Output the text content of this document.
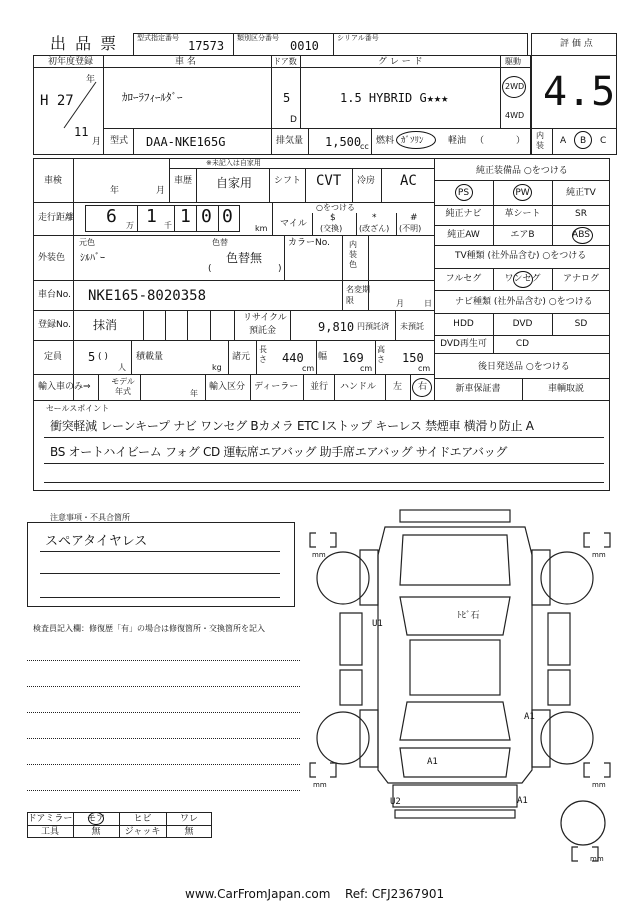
出 品 票	型式指定番号
17573
類別区分番号
0010
シリアル番号
評 価 点
4.5
内装	A B C
初年度登録
年
H 27
11
月
車 名
ｶﾛｰﾗﾌｨｰﾙﾀﾞｰ
ドア数
5
D
グ レ ー ド
1.5 HYBRID G★★★
駆動
2WD
4WD
型式 DAA-NKE165G	排気量 1,500
cc
燃料 ｶﾞｿﾘﾝ	軽油 （	）
車検
年	月
※未記入は自家用
車歴 自家用 シフト CVT 冷房 AC
走行距離 6 万 1 千 1 0 0
km
○をつける
マイル
$
(交換)
*
(改ざん)
#
(不明)
外装色
元色
ｼﾙﾊﾞｰ
色替
色替無
(	)
カラーNo. 内装色
車台No. NKE165-8020358	名変期限	月	日
登録No. 抹消	リサイクル
預託金	9,810 円預託済 未預託
定員 5 ( )
人
積載量
kg
諸元
長さ 440
cm
幅 169
cm
高さ 150
cm
輸入車のみ⇒
モデル年式	年
輸入区分 ディーラー 並行 ハンドル 左 右
純正装備品 ○をつける
PS	PW	純正TV
純正ナビ	革シート	SR
純正AW	エアB	ABS
TV種類 (社外品含む) ○をつける
フルセグ	ワンセグ	アナログ
ナビ種類 (社外品含む) ○をつける
HDD	DVD	SD
DVD再生可	CD
後日発送品 ○をつける
新車保証書	車輌取説
セールスポイント
衝突軽減 レーンキープ ナビ ワンセグ Bカメラ ETC Iストップ キーレス 禁煙車 横滑り防止 A
BS オートハイビーム フォグ CD 運転席エアバッグ 助手席エアバッグ サイドエアバッグ
注意事項・不具合箇所
スペアタイヤレス
検査員記入欄：修復歴「有」の場合は修復箇所・交換箇所を記入
ドアミラー	モア	ヒビ	ワレ
工具	無	ジャッキ	無
mm	mm
mm	mm
mm
ﾄﾋﾞ石
U1
A1
A1
U2	A1
www.CarFromJapan.com Ref: CFJ2367901
